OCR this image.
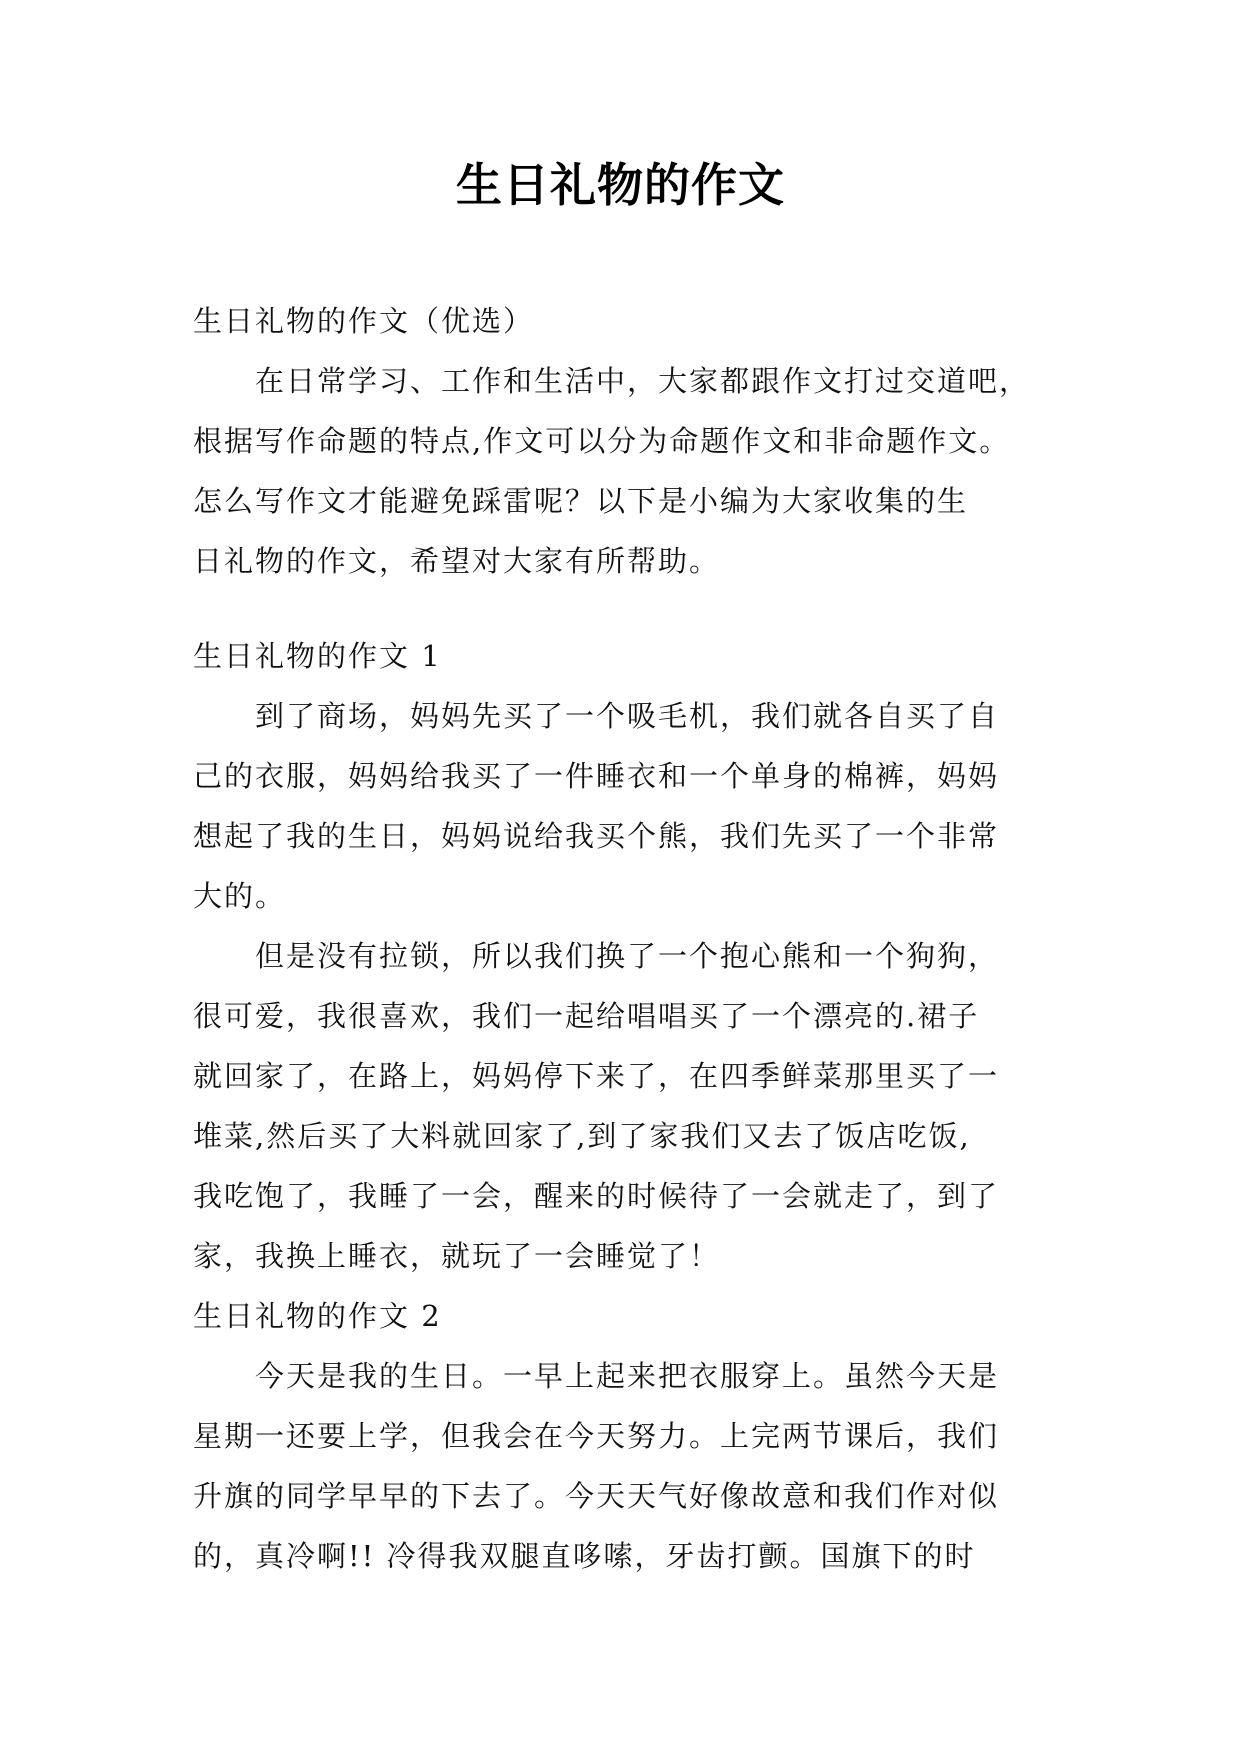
生日礼物的作文
生日礼物的作文（优选）
　　在日常学习、工作和生活中，大家都跟作文打过交道吧，
根据写作命题的特点,作文可以分为命题作文和非命题作文。
怎么写作文才能避免踩雷呢？以下是小编为大家收集的生
日礼物的作文，希望对大家有所帮助。
生日礼物的作文 1
　　到了商场，妈妈先买了一个吸毛机，我们就各自买了自
己的衣服，妈妈给我买了一件睡衣和一个单身的棉裤，妈妈
想起了我的生日，妈妈说给我买个熊，我们先买了一个非常
大的。
　　但是没有拉锁，所以我们换了一个抱心熊和一个狗狗，
很可爱，我很喜欢，我们一起给唱唱买了一个漂亮的.裙子
就回家了，在路上，妈妈停下来了，在四季鲜菜那里买了一
堆菜,然后买了大料就回家了,到了家我们又去了饭店吃饭,
我吃饱了，我睡了一会，醒来的时候待了一会就走了，到了
家，我换上睡衣，就玩了一会睡觉了！
生日礼物的作文 2
　　今天是我的生日。一早上起来把衣服穿上。虽然今天是
星期一还要上学，但我会在今天努力。上完两节课后，我们
升旗的同学早早的下去了。今天天气好像故意和我们作对似
的，真冷啊!! 冷得我双腿直哆嗦，牙齿打颤。国旗下的时
